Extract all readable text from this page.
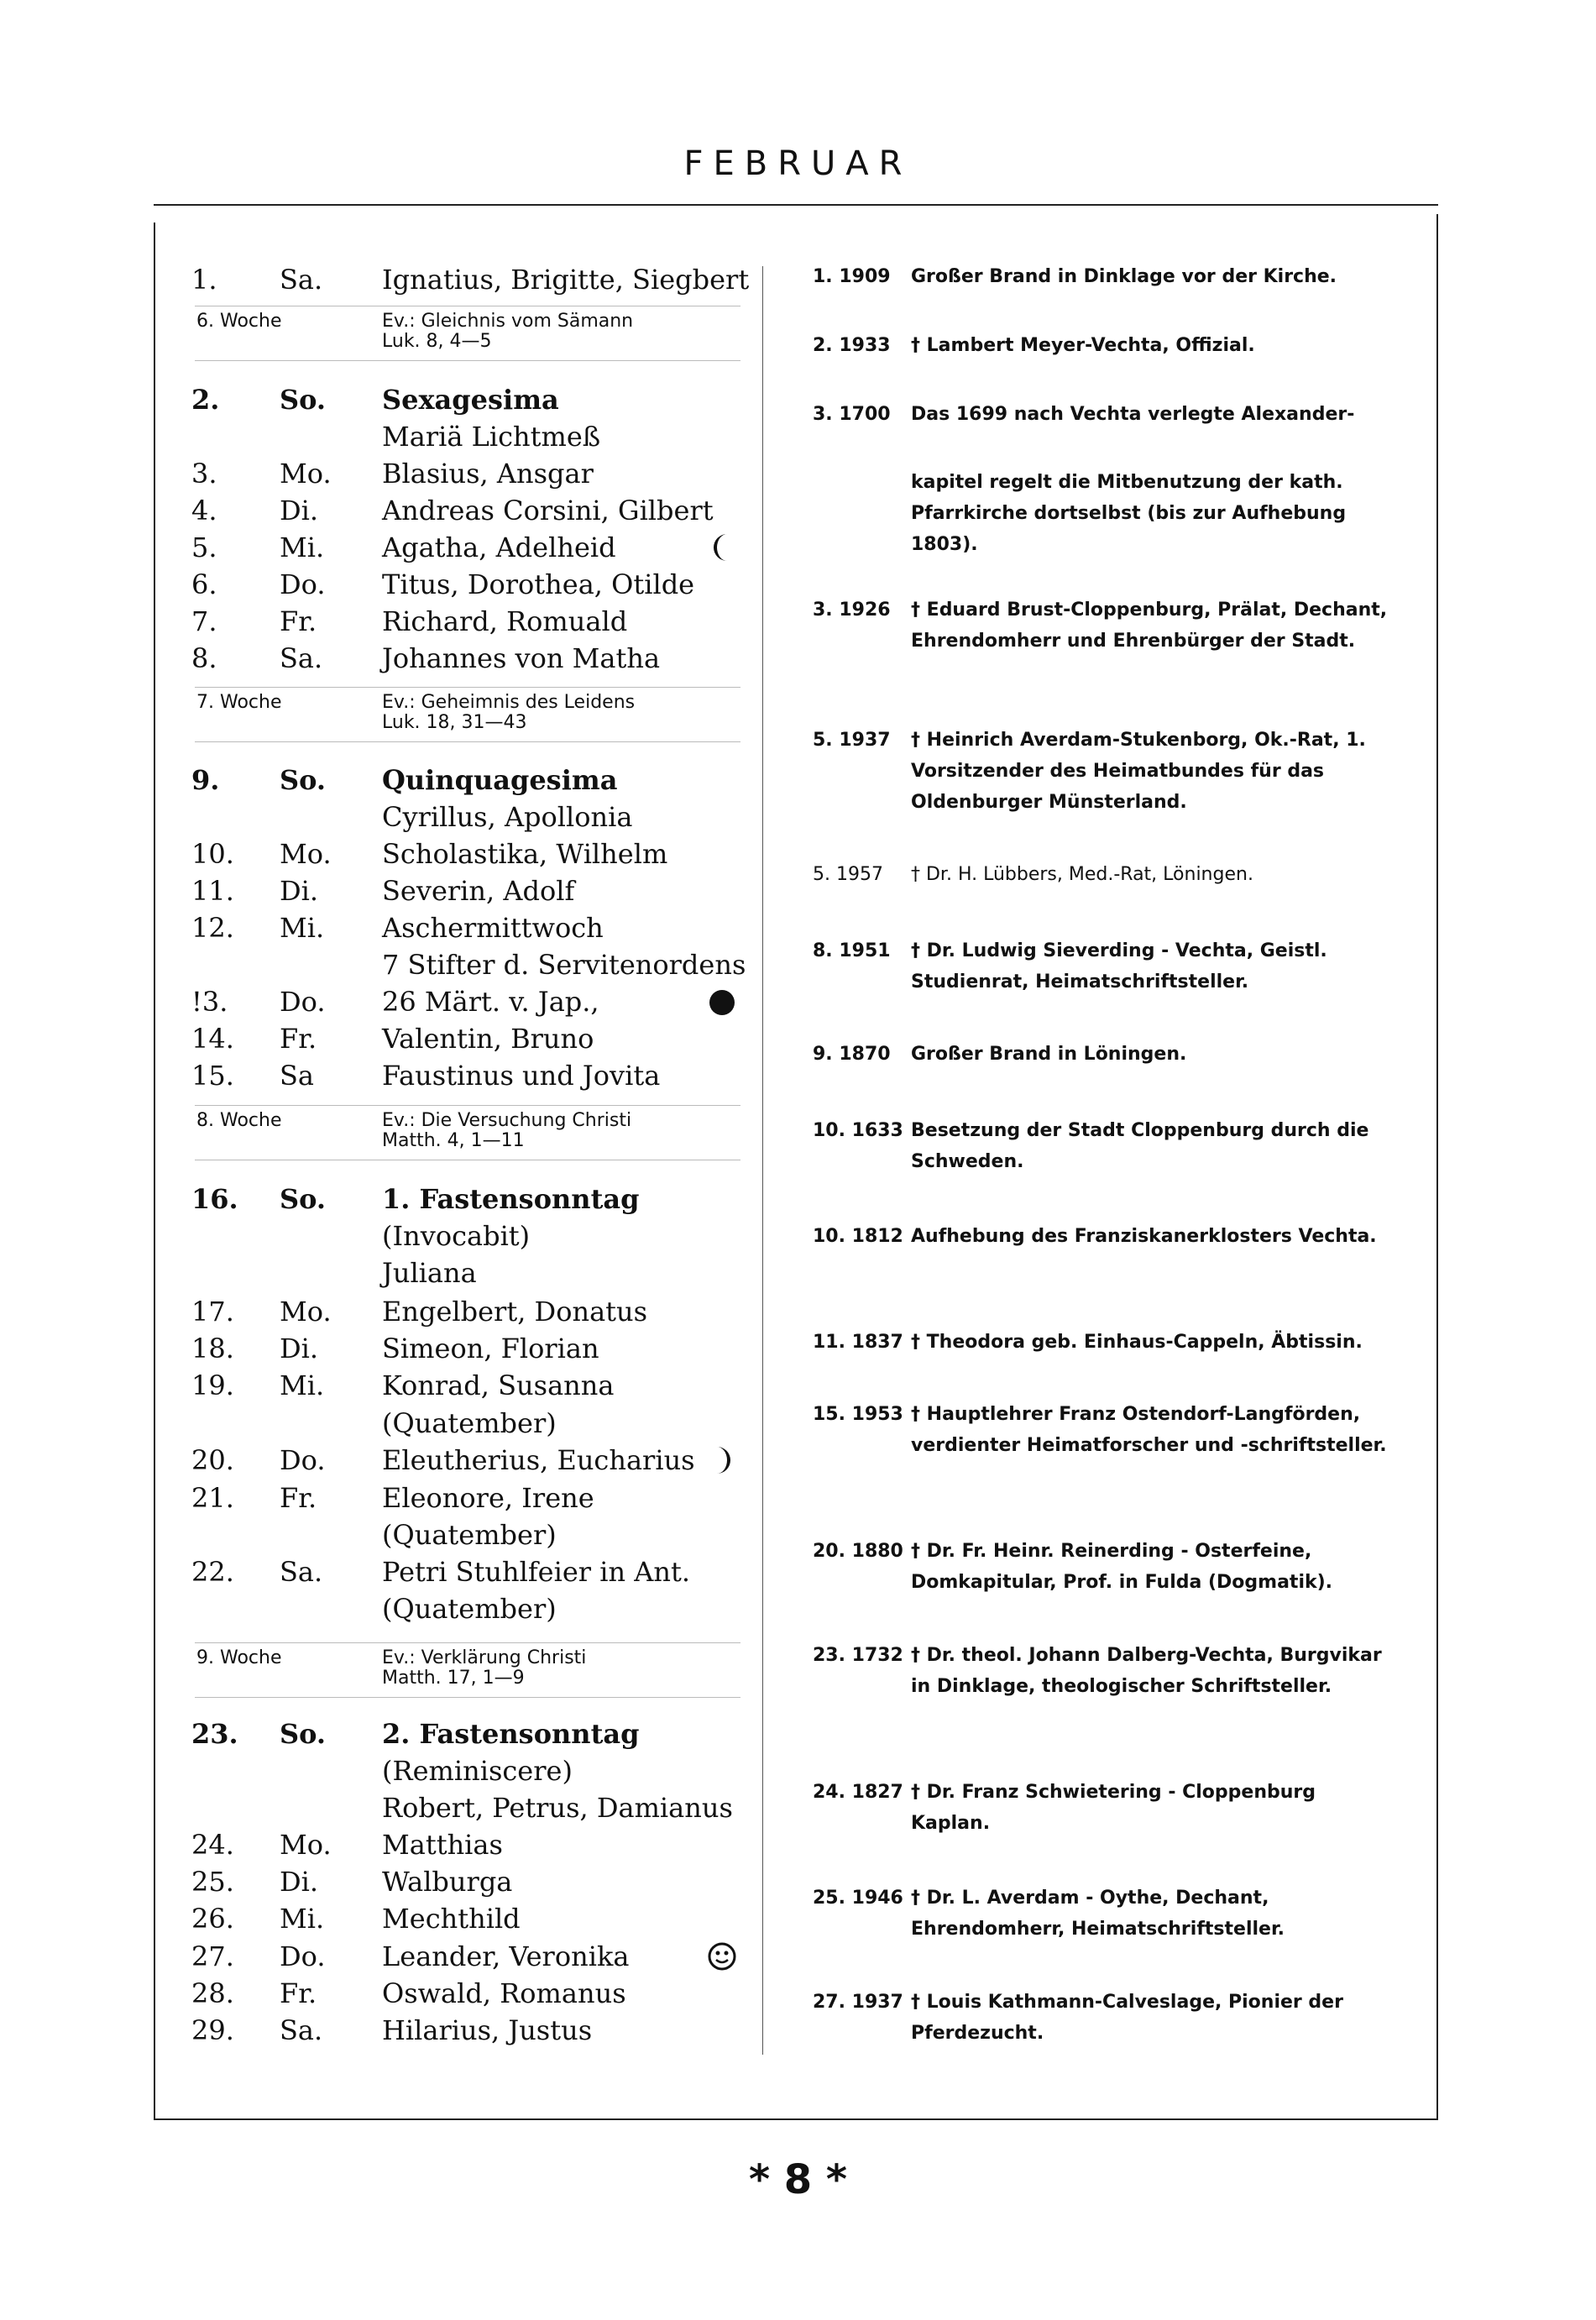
FEBRUAR
1.	Sa.	Ignatius, Brigitte, Siegbert
6. Woche	Ev.: Gleichnis vom Sämann
Luk. 8, 4—5
2.	So.	Sexagesima
Mariä Lichtmeß
3.	Mo.	Blasius, Ansgar
4.	Di.	Andreas Corsini, Gilbert
5.	Mi.	Agatha, Adelheid
6.	Do.	Titus, Dorothea, Otilde
7.	Fr.	Richard, Romuald
8.	Sa.	Johannes von Matha
7. Woche	Ev.: Geheimnis des Leidens
Luk. 18, 31—43
9.	So.	Quinquagesima
Cyrillus, Apollonia
10.	Mo.	Scholastika, Wilhelm
11.	Di.	Severin, Adolf
12.	Mi.	Aschermittwoch
7 Stifter d. Servitenordens
!3.	Do.	26 Märt. v. Jap.,
14.	Fr.	Valentin, Bruno
15.	Sa	Faustinus und Jovita
8. Woche	Ev.: Die Versuchung Christi
Matth. 4, 1—11
16.	So.	1. Fastensonntag
(Invocabit)
Juliana
17.	Mo.	Engelbert, Donatus
18.	Di.	Simeon, Florian
19.	Mi.	Konrad, Susanna
(Quatember)
20.	Do.	Eleutherius, Eucharius
21.	Fr.	Eleonore, Irene
(Quatember)
22.	Sa.	Petri Stuhlfeier in Ant.
(Quatember)
9. Woche	Ev.: Verklärung Christi
Matth. 17, 1—9
23.	So.	2. Fastensonntag
(Reminiscere)
Robert, Petrus, Damianus
24.	Mo.	Matthias
25.	Di.	Walburga
26.	Mi.	Mechthild
27.	Do.	Leander, Veronika
28.	Fr.	Oswald, Romanus
29.	Sa.	Hilarius, Justus
1. 1909	Großer Brand in Dinklage vor der Kirche.
2. 1933	† Lambert Meyer-Vechta, Offizial.
3. 1700	Das 1699 nach Vechta verlegte Alexander-
kapitel regelt die Mitbenutzung der kath. Pfarrkirche dortselbst (bis zur Aufhebung 1803).
3. 1926	† Eduard Brust-Cloppenburg, Prälat, Dechant, Ehrendomherr und Ehrenbürger der Stadt.
5. 1937	† Heinrich Averdam-Stukenborg, Ok.-Rat, 1. Vorsitzender des Heimatbundes für das Oldenburger Münsterland.
5. 1957	† Dr. H. Lübbers, Med.-Rat, Löningen.
8. 1951	† Dr. Ludwig Sieverding - Vechta, Geistl. Studienrat, Heimatschriftsteller.
9. 1870	Großer Brand in Löningen.
10. 1633 Besetzung der Stadt Cloppenburg durch die Schweden.
10. 1812 Aufhebung des Franziskanerklosters Vechta.
11. 1837 † Theodora geb. Einhaus-Cappeln, Äbtissin.
15. 1953 † Hauptlehrer Franz Ostendorf-Langförden, verdienter Heimatforscher und -schriftsteller.
20. 1880 † Dr. Fr. Heinr. Reinerding - Osterfeine, Domkapitular, Prof. in Fulda (Dogmatik).
23. 1732 † Dr. theol. Johann Dalberg-Vechta, Burgvikar in Dinklage, theologischer Schriftsteller.
24. 1827 † Dr. Franz Schwietering - Cloppenburg Kaplan.
25. 1946 † Dr. L. Averdam - Oythe, Dechant, Ehrendomherr, Heimatschriftsteller.
27. 1937 † Louis Kathmann-Calveslage, Pionier der Pferdezucht.
* 8 *
